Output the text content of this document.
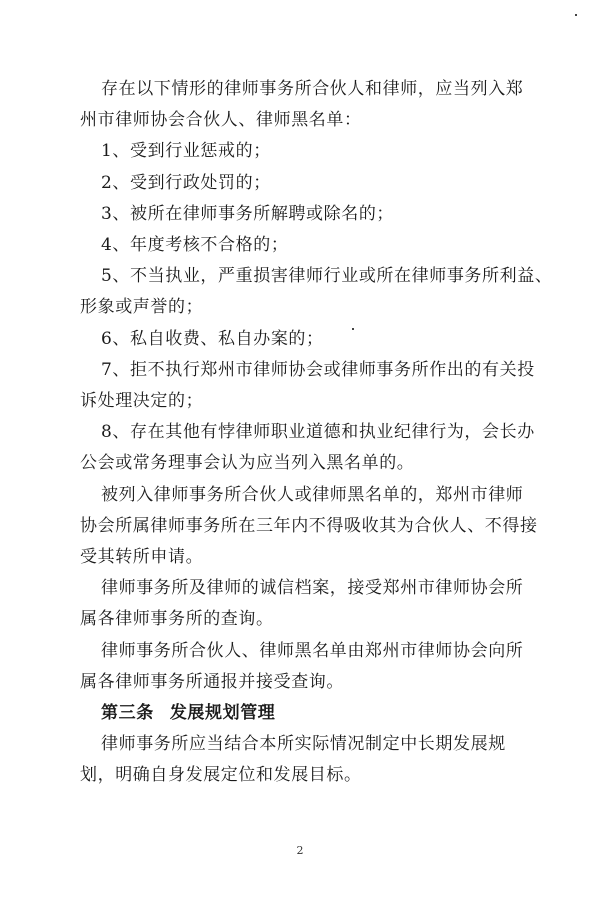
存在以下情形的律师事务所合伙人和律师，应当列入郑
州市律师协会合伙人、律师黑名单：
1、受到行业惩戒的；
2、受到行政处罚的；
3、被所在律师事务所解聘或除名的；
4、年度考核不合格的；
5、不当执业，严重损害律师行业或所在律师事务所利益、
形象或声誉的；
6、私自收费、私自办案的；
7、拒不执行郑州市律师协会或律师事务所作出的有关投
诉处理决定的；
8、存在其他有悖律师职业道德和执业纪律行为，会长办
公会或常务理事会认为应当列入黑名单的。
被列入律师事务所合伙人或律师黑名单的，郑州市律师
协会所属律师事务所在三年内不得吸收其为合伙人、不得接
受其转所申请。
律师事务所及律师的诚信档案，接受郑州市律师协会所
属各律师事务所的查询。
律师事务所合伙人、律师黑名单由郑州市律师协会向所
属各律师事务所通报并接受查询。
第三条 发展规划管理
律师事务所应当结合本所实际情况制定中长期发展规
划，明确自身发展定位和发展目标。
2
